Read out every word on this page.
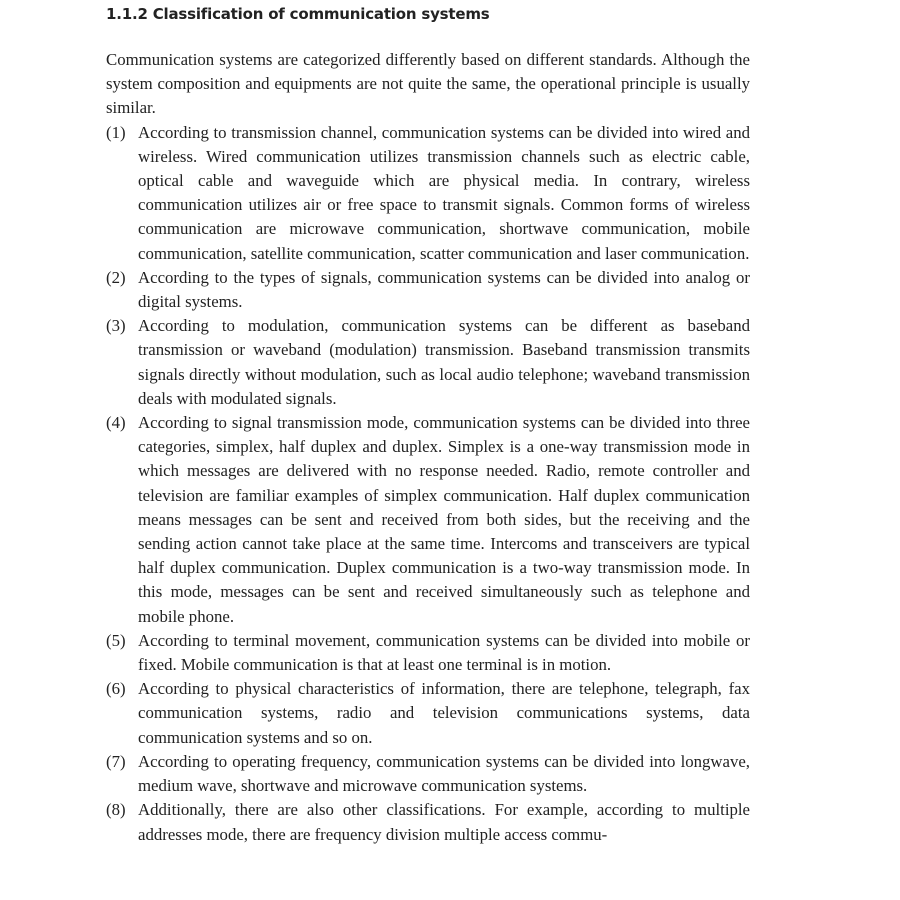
1.1.2 Classification of communication systems

Communication systems are categorized differently based on different standards. Although the system composition and equipments are not quite the same, the operational principle is usually similar.

(1) According to transmission channel, communication systems can be divided into wired and wireless. Wired communication utilizes transmission channels such as electric cable, optical cable and waveguide which are physical media. In contrary, wireless communication utilizes air or free space to transmit signals. Common forms of wireless communication are microwave communication, shortwave communication, mobile communication, satellite communication, scatter communication and laser communication.

(2) According to the types of signals, communication systems can be divided into analog or digital systems.

(3) According to modulation, communication systems can be different as baseband transmission or waveband (modulation) transmission. Baseband transmission transmits signals directly without modulation, such as local audio telephone; waveband transmission deals with modulated signals.

(4) According to signal transmission mode, communication systems can be divided into three categories, simplex, half duplex and duplex. Simplex is a one-way transmission mode in which messages are delivered with no response needed. Radio, remote controller and television are familiar examples of simplex communication. Half duplex communication means messages can be sent and received from both sides, but the receiving and the sending action cannot take place at the same time. Intercoms and transceivers are typical half duplex communication. Duplex communication is a two-way transmission mode. In this mode, messages can be sent and received simultaneously such as telephone and mobile phone.

(5) According to terminal movement, communication systems can be divided into mobile or fixed. Mobile communication is that at least one terminal is in motion.

(6) According to physical characteristics of information, there are telephone, telegraph, fax communication systems, radio and television communications systems, data communication systems and so on.

(7) According to operating frequency, communication systems can be divided into longwave, medium wave, shortwave and microwave communication systems.

(8) Additionally, there are also other classifications. For example, according to multiple addresses mode, there are frequency division multiple access commu-
